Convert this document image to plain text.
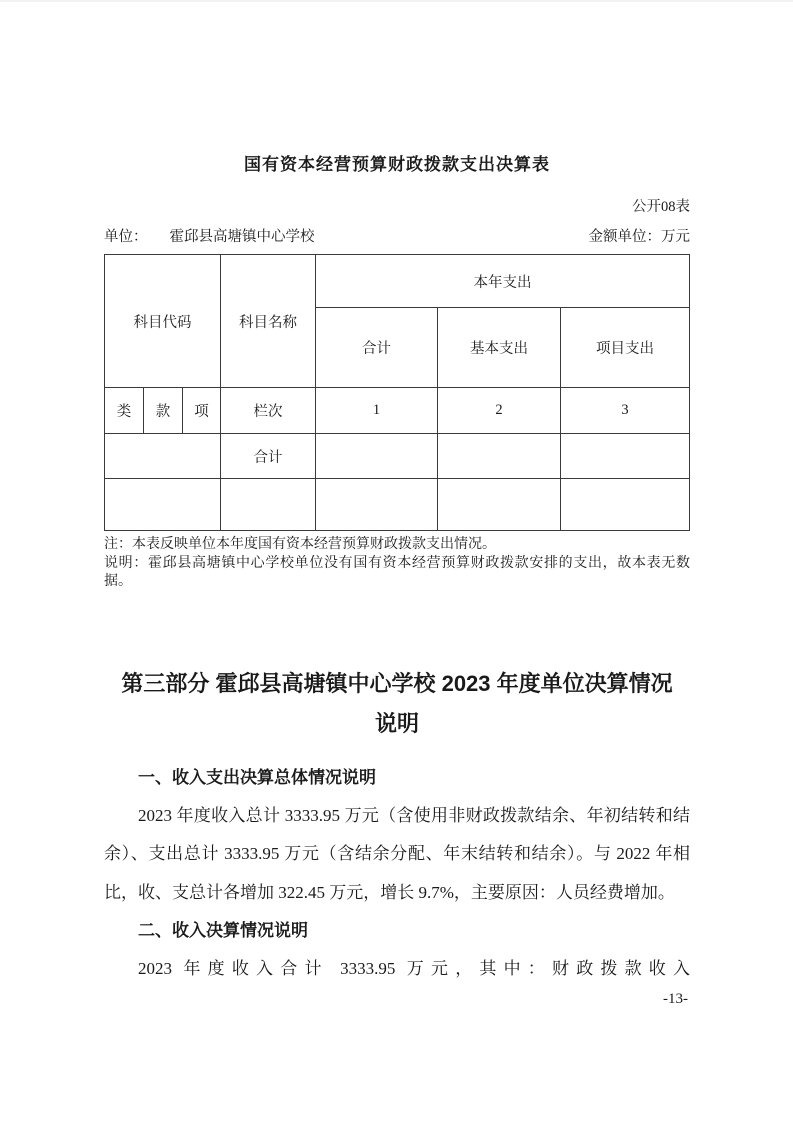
国有资本经营预算财政拨款支出决算表
公开08表
单位： 霍邱县高塘镇中心学校	金额单位：万元
科目代码			科目名称	本年支出		
				合计	基本支出	项目支出
类	款	项	栏次	1	2	3
			合计			

注：本表反映单位本年度国有资本经营预算财政拨款支出情况。
说明：霍邱县高塘镇中心学校单位没有国有资本经营预算财政拨款安排的支出，故本表无数据。
第三部分 霍邱县高塘镇中心学校 2023 年度单位决算情况
说明
一、收入支出决算总体情况说明
2023 年度收入总计 3333.95 万元（含使用非财政拨款结余、年初结转和结余）、支出总计 3333.95 万元（含结余分配、年末结转和结余）。与 2022 年相比，收、支总计各增加 322.45 万元，增长 9.7%，主要原因：人员经费增加。
二、收入决算情况说明
2023 年度收入合计 3333.95 万元，其中：财政拨款收入
-13-
